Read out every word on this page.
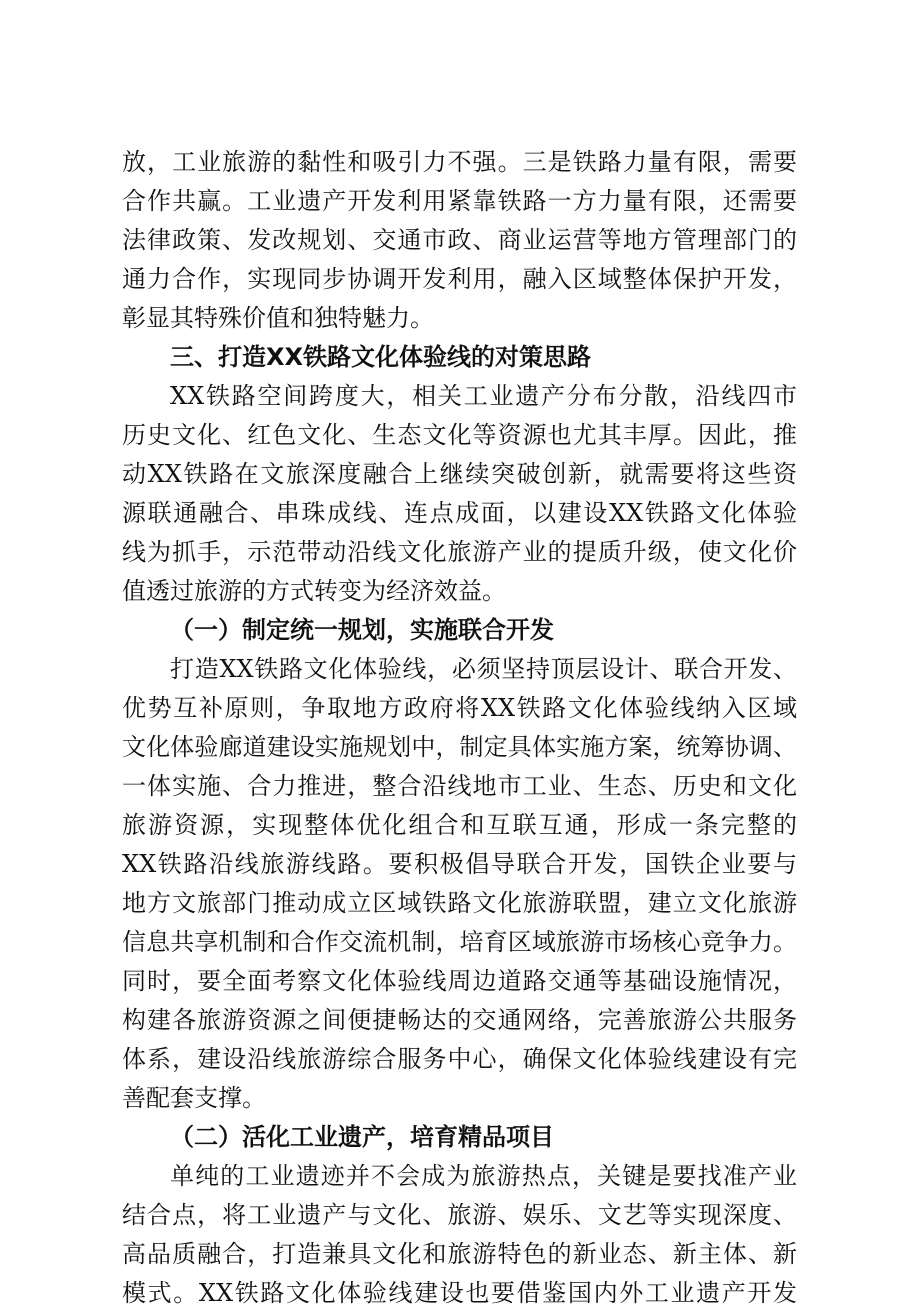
放，工业旅游的黏性和吸引力不强。三是铁路力量有限，需要
合作共赢。工业遗产开发利用紧靠铁路一方力量有限，还需要
法律政策、发改规划、交通市政、商业运营等地方管理部门的
通力合作，实现同步协调开发利用，融入区域整体保护开发，
彰显其特殊价值和独特魅力。
三、打造XX铁路文化体验线的对策思路
XX铁路空间跨度大，相关工业遗产分布分散，沿线四市
历史文化、红色文化、生态文化等资源也尤其丰厚。因此，推
动XX铁路在文旅深度融合上继续突破创新，就需要将这些资
源联通融合、串珠成线、连点成面，以建设XX铁路文化体验
线为抓手，示范带动沿线文化旅游产业的提质升级，使文化价
值透过旅游的方式转变为经济效益。
（一）制定统一规划，实施联合开发
打造XX铁路文化体验线，必须坚持顶层设计、联合开发、
优势互补原则，争取地方政府将XX铁路文化体验线纳入区域
文化体验廊道建设实施规划中，制定具体实施方案，统筹协调、
一体实施、合力推进，整合沿线地市工业、生态、历史和文化
旅游资源，实现整体优化组合和互联互通，形成一条完整的
XX铁路沿线旅游线路。要积极倡导联合开发，国铁企业要与
地方文旅部门推动成立区域铁路文化旅游联盟，建立文化旅游
信息共享机制和合作交流机制，培育区域旅游市场核心竞争力。
同时，要全面考察文化体验线周边道路交通等基础设施情况，
构建各旅游资源之间便捷畅达的交通网络，完善旅游公共服务
体系，建设沿线旅游综合服务中心，确保文化体验线建设有完
善配套支撑。
（二）活化工业遗产，培育精品项目
单纯的工业遗迹并不会成为旅游热点，关键是要找准产业
结合点，将工业遗产与文化、旅游、娱乐、文艺等实现深度、
高品质融合，打造兼具文化和旅游特色的新业态、新主体、新
模式。XX铁路文化体验线建设也要借鉴国内外工业遗产开发
